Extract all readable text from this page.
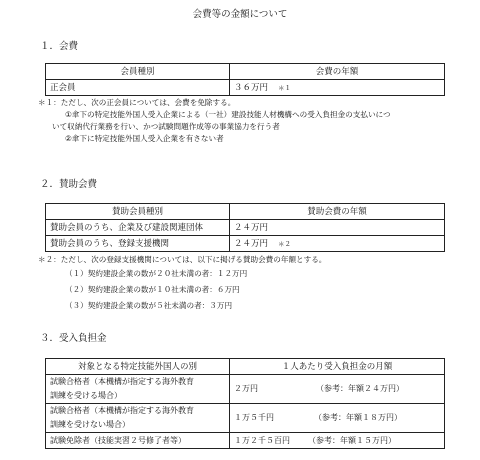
会費等の金額について
１．会費
会員種別	会費の年額
正会員	３６万円 ＊１
＊１：ただし、次の正会員については、会費を免除する。
①傘下の特定技能外国人受入企業による（一社）建設技能人材機構への受入負担金の支払いにつ
いて収納代行業務を行い、かつ試験問題作成等の事業協力を行う者
②傘下に特定技能外国人受入企業を有さない者
２．賛助会費
賛助会員種別	賛助会費の年額
賛助会員のうち、企業及び建設関連団体	２４万円
賛助会員のうち、登録支援機関	２４万円 ＊２
＊２：ただし、次の登録支援機関については、以下に掲げる賛助会費の年額とする。
（１）契約建設企業の数が２０社未満の者：１２万円
（２）契約建設企業の数が１０社未満の者：６万円
（３）契約建設企業の数が５社未満の者：３万円
３．受入負担金
対象となる特定技能外国人の別	１人あたり受入負担金の月額

試験合格者（本機構が指定する海外教育
訓練を受ける場合）	２万円 （参考：年額２４万円）

試験合格者（本機構が指定する海外教育
訓練を受けない場合）	１万５千円 （参考：年額１８万円）
試験免除者（技能実習２号修了者等）	１万２千５百円 （参考：年額１５万円）
